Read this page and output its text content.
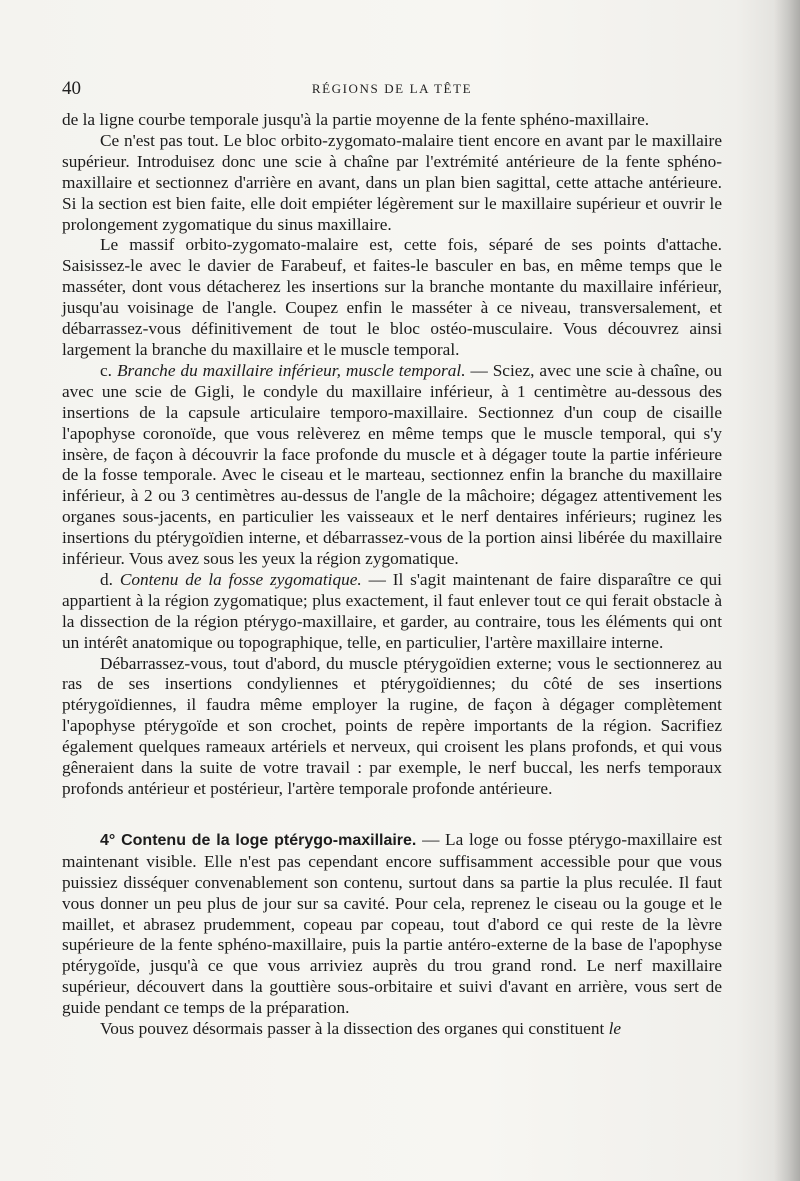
40	RÉGIONS DE LA TÊTE

de la ligne courbe temporale jusqu'à la partie moyenne de la fente sphéno-maxillaire.

Ce n'est pas tout. Le bloc orbito-zygomato-malaire tient encore en avant par le maxillaire supérieur. Introduisez donc une scie à chaîne par l'extrémité antérieure de la fente sphéno-maxillaire et sectionnez d'arrière en avant, dans un plan bien sagittal, cette attache antérieure. Si la section est bien faite, elle doit empiéter légèrement sur le maxillaire supérieur et ouvrir le prolongement zygomatique du sinus maxillaire.

Le massif orbito-zygomato-malaire est, cette fois, séparé de ses points d'attache. Saisissez-le avec le davier de Farabeuf, et faites-le basculer en bas, en même temps que le masséter, dont vous détacherez les insertions sur la branche montante du maxillaire inférieur, jusqu'au voisinage de l'angle. Coupez enfin le masséter à ce niveau, transversalement, et débarrassez-vous définitivement de tout le bloc ostéo-musculaire. Vous découvrez ainsi largement la branche du maxillaire et le muscle temporal.

c. Branche du maxillaire inférieur, muscle temporal. — Sciez, avec une scie à chaîne, ou avec une scie de Gigli, le condyle du maxillaire inférieur, à 1 centimètre au-dessous des insertions de la capsule articulaire temporo-maxillaire. Sectionnez d'un coup de cisaille l'apophyse coronoïde, que vous relèverez en même temps que le muscle temporal, qui s'y insère, de façon à découvrir la face profonde du muscle et à dégager toute la partie inférieure de la fosse temporale. Avec le ciseau et le marteau, sectionnez enfin la branche du maxillaire inférieur, à 2 ou 3 centimètres au-dessus de l'angle de la mâchoire; dégagez attentivement les organes sous-jacents, en particulier les vaisseaux et le nerf dentaires inférieurs; ruginez les insertions du ptérygoïdien interne, et débarrassez-vous de la portion ainsi libérée du maxillaire inférieur. Vous avez sous les yeux la région zygomatique.

d. Contenu de la fosse zygomatique. — Il s'agit maintenant de faire disparaître ce qui appartient à la région zygomatique; plus exactement, il faut enlever tout ce qui ferait obstacle à la dissection de la région ptérygo-maxillaire, et garder, au contraire, tous les éléments qui ont un intérêt anatomique ou topographique, telle, en particulier, l'artère maxillaire interne.

Débarrassez-vous, tout d'abord, du muscle ptérygoïdien externe; vous le sectionnerez au ras de ses insertions condyliennes et ptérygoïdiennes; du côté de ses insertions ptérygoïdiennes, il faudra même employer la rugine, de façon à dégager complètement l'apophyse ptérygoïde et son crochet, points de repère importants de la région. Sacrifiez également quelques rameaux artériels et nerveux, qui croisent les plans profonds, et qui vous gêneraient dans la suite de votre travail : par exemple, le nerf buccal, les nerfs temporaux profonds antérieur et postérieur, l'artère temporale profonde antérieure.

4° Contenu de la loge ptérygo-maxillaire. — La loge ou fosse ptérygo-maxillaire est maintenant visible. Elle n'est pas cependant encore suffisamment accessible pour que vous puissiez disséquer convenablement son contenu, surtout dans sa partie la plus reculée. Il faut vous donner un peu plus de jour sur sa cavité. Pour cela, reprenez le ciseau ou la gouge et le maillet, et abrasez prudemment, copeau par copeau, tout d'abord ce qui reste de la lèvre supérieure de la fente sphéno-maxillaire, puis la partie antéro-externe de la base de l'apophyse ptérygoïde, jusqu'à ce que vous arriviez auprès du trou grand rond. Le nerf maxillaire supérieur, découvert dans la gouttière sous-orbitaire et suivi d'avant en arrière, vous sert de guide pendant ce temps de la préparation.

Vous pouvez désormais passer à la dissection des organes qui constituent le
